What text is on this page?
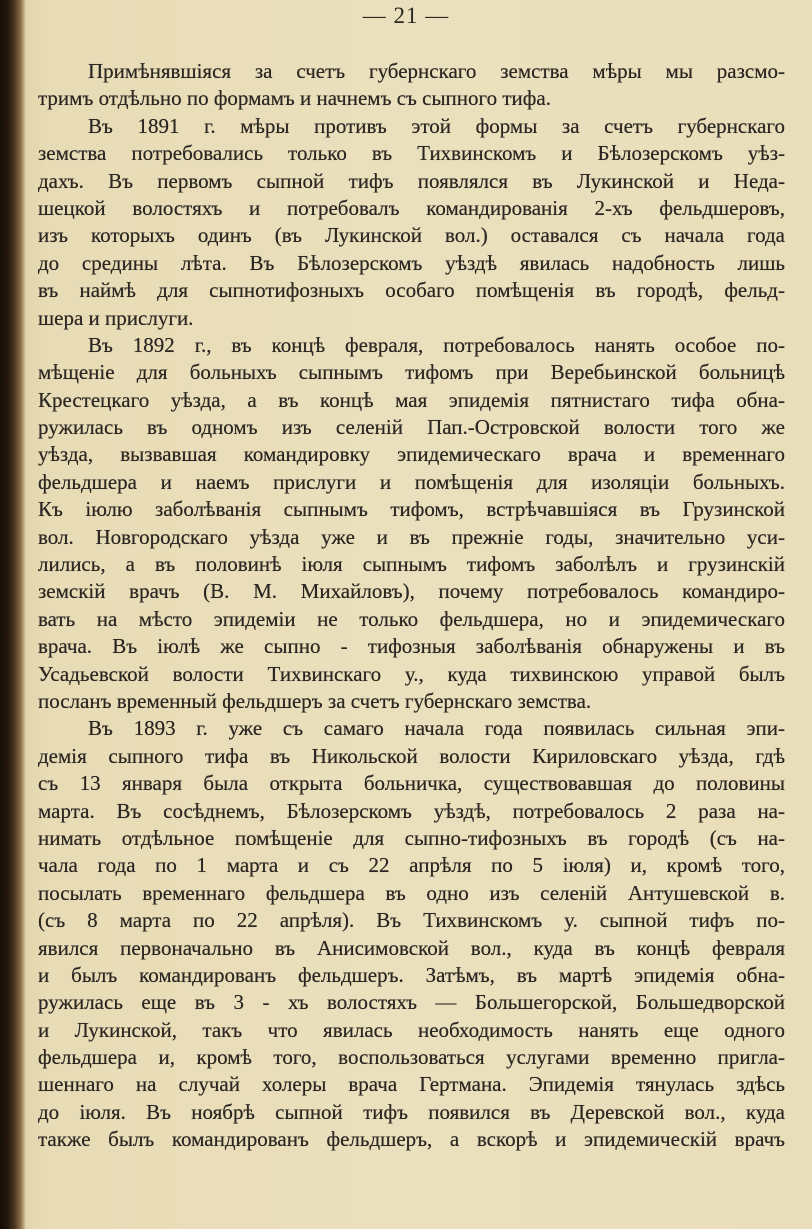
— 21 —
Примѣнявшіяся за счетъ губернскаго земства мѣры мы разсмо-
тримъ отдѣльно по формамъ и начнемъ съ сыпного тифа.
Въ 1891 г. мѣры противъ этой формы за счетъ губернскаго
земства потребовались только въ Тихвинскомъ и Бѣлозерскомъ уѣз-
дахъ. Въ первомъ сыпной тифъ появлялся въ Лукинской и Неда-
шецкой волостяхъ и потребовалъ командированія 2-хъ фельдшеровъ,
изъ которыхъ одинъ (въ Лукинской вол.) оставался съ начала года
до средины лѣта. Въ Бѣлозерскомъ уѣздѣ явилась надобность лишь
въ наймѣ для сыпнотифозныхъ особаго помѣщенія въ городѣ, фельд-
шера и прислуги.
Въ 1892 г., въ концѣ февраля, потребовалось нанять особое по-
мѣщеніе для больныхъ сыпнымъ тифомъ при Веребьинской больницѣ
Крестецкаго уѣзда, а въ концѣ мая эпидемія пятнистаго тифа обна-
ружилась въ одномъ изъ селеній Пап.-Островской волости того же
уѣзда, вызвавшая командировку эпидемическаго врача и временнаго
фельдшера и наемъ прислуги и помѣщенія для изоляціи больныхъ.
Къ іюлю заболѣванія сыпнымъ тифомъ, встрѣчавшіяся въ Грузинской
вол. Новгородскаго уѣзда уже и въ прежніе годы, значительно уси-
лились, а въ половинѣ іюля сыпнымъ тифомъ заболѣлъ и грузинскій
земскій врачъ (В. М. Михайловъ), почему потребовалось командиро-
вать на мѣсто эпидеміи не только фельдшера, но и эпидемическаго
врача. Въ іюлѣ же сыпно - тифозныя заболѣванія обнаружены и въ
Усадьевской волости Тихвинскаго у., куда тихвинскою управой былъ
посланъ временный фельдшеръ за счетъ губернскаго земства.
Въ 1893 г. уже съ самаго начала года появилась сильная эпи-
демія сыпного тифа въ Никольской волости Кириловскаго уѣзда, гдѣ
съ 13 января была открыта больничка, существовавшая до половины
марта. Въ сосѣднемъ, Бѣлозерскомъ уѣздѣ, потребовалось 2 раза на-
нимать отдѣльное помѣщеніе для сыпно-тифозныхъ въ городѣ (съ на-
чала года по 1 марта и съ 22 апрѣля по 5 іюля) и, кромѣ того,
посылать временнаго фельдшера въ одно изъ селеній Антушевской в.
(съ 8 марта по 22 апрѣля). Въ Тихвинскомъ у. сыпной тифъ по-
явился первоначально въ Анисимовской вол., куда въ концѣ февраля
и былъ командированъ фельдшеръ. Затѣмъ, въ мартѣ эпидемія обна-
ружилась еще въ 3 - хъ волостяхъ — Большегорской, Большедворской
и Лукинской, такъ что явилась необходимость нанять еще одного
фельдшера и, кромѣ того, воспользоваться услугами временно пригла-
шеннаго на случай холеры врача Гертмана. Эпидемія тянулась здѣсь
до іюля. Въ ноябрѣ сыпной тифъ появился въ Деревской вол., куда
также былъ командированъ фельдшеръ, а вскорѣ и эпидемическій врачъ
